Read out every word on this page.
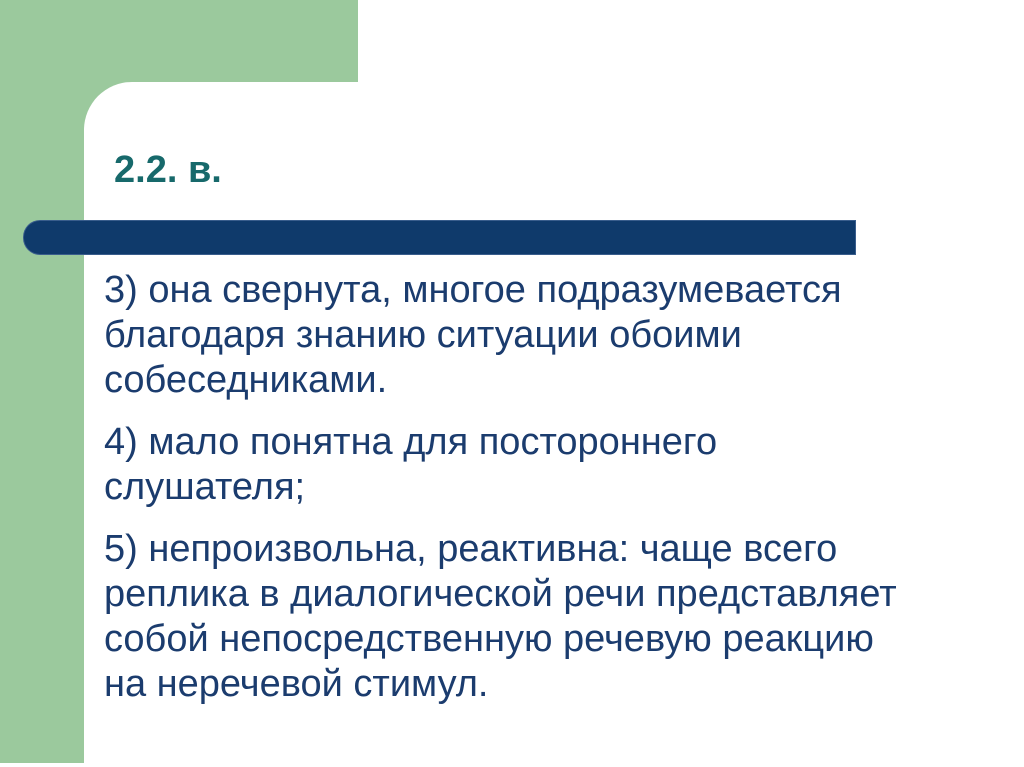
2.2. в.
3) она свернута, многое подразумевается
благодаря знанию ситуации обоими
собеседниками.
4) мало понятна для постороннего
слушателя;
5) непроизвольна, реактивна: чаще всего
реплика в диалогической речи представляет
собой непосредственную речевую реакцию
на неречевой стимул.
